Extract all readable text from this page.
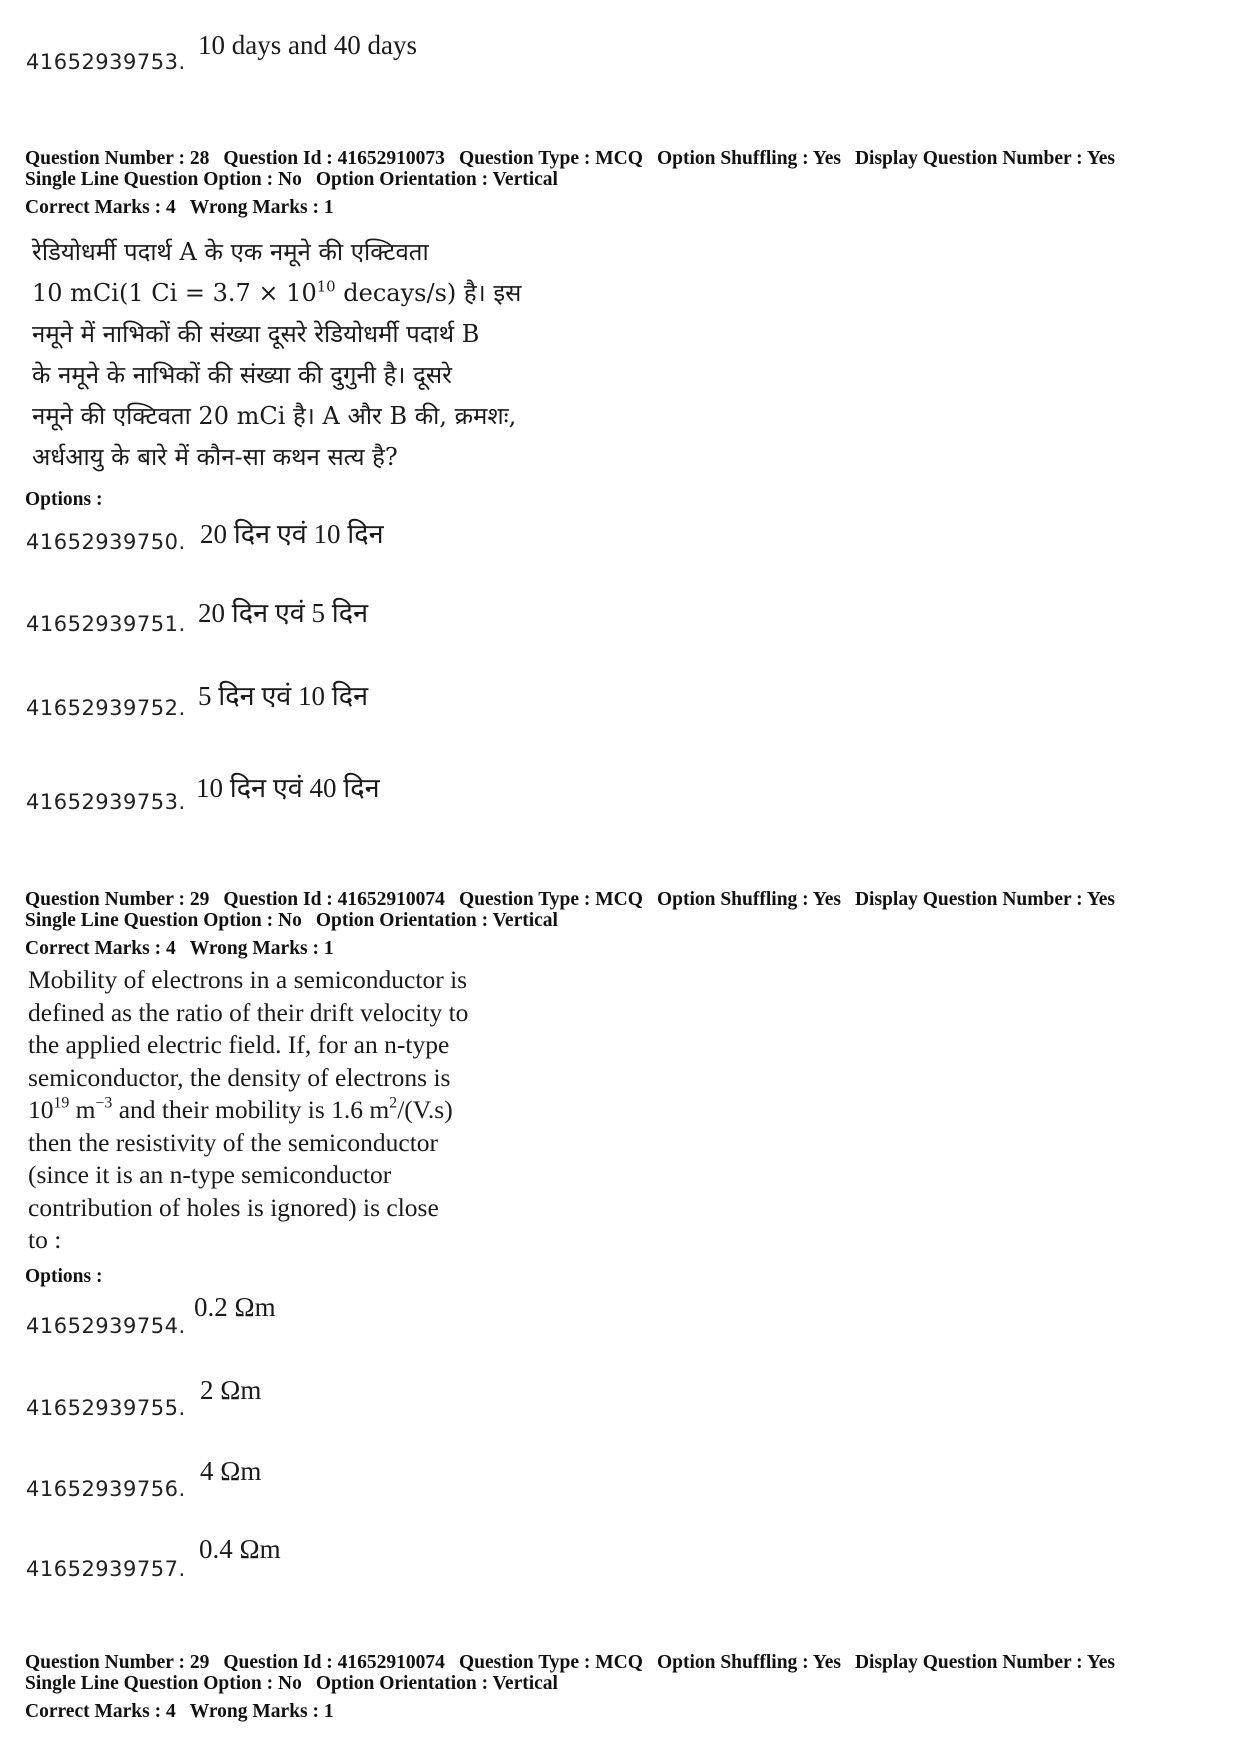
41652939753.
10 days and 40 days
Question Number : 28 Question Id : 41652910073 Question Type : MCQ Option Shuffling : Yes Display Question Number : Yes
Single Line Question Option : No Option Orientation : Vertical
Correct Marks : 4 Wrong Marks : 1
रेडियोधर्मी पदार्थ A के एक नमूने की एक्टिवता
10 mCi(1 $Ci = 3.7 \times 10^{10}$ decays/s) है। इस
नमूने में नाभिकों की संख्या दूसरे रेडियोधर्मी पदार्थ B
के नमूने के नाभिकों की संख्या की दुगुनी है। दूसरे
नमूने की एक्टिवता 20 mCi है। A और B की, क्रमशः,
अर्धआयु के बारे में कौन-सा कथन सत्य है?
Options :
41652939750. 20 दिन एवं 10 दिन
41652939751. 20 दिन एवं 5 दिन
41652939752. 5 दिन एवं 10 दिन
41652939753. 10 दिन एवं 40 दिन
Question Number : 29 Question Id : 41652910074 Question Type : MCQ Option Shuffling : Yes Display Question Number : Yes
Single Line Question Option : No Option Orientation : Vertical
Correct Marks : 4 Wrong Marks : 1
Mobility of electrons in a semiconductor is
defined as the ratio of their drift velocity to
the applied electric field. If, for an n-type
semiconductor, the density of electrons is
$10^{19}$ $m^{-3}$ and their mobility is 1.6 $m^2/(V.s)$
then the resistivity of the semiconductor
(since it is an n-type semiconductor
contribution of holes is ignored) is close
to :
Options :
41652939754.
0.2 Ωm
41652939755.
2 Ωm
41652939756.
4 Ωm
41652939757.
0.4 Ωm
Question Number : 29 Question Id : 41652910074 Question Type : MCQ Option Shuffling : Yes Display Question Number : Yes
Single Line Question Option : No Option Orientation : Vertical
Correct Marks : 4 Wrong Marks : 1
